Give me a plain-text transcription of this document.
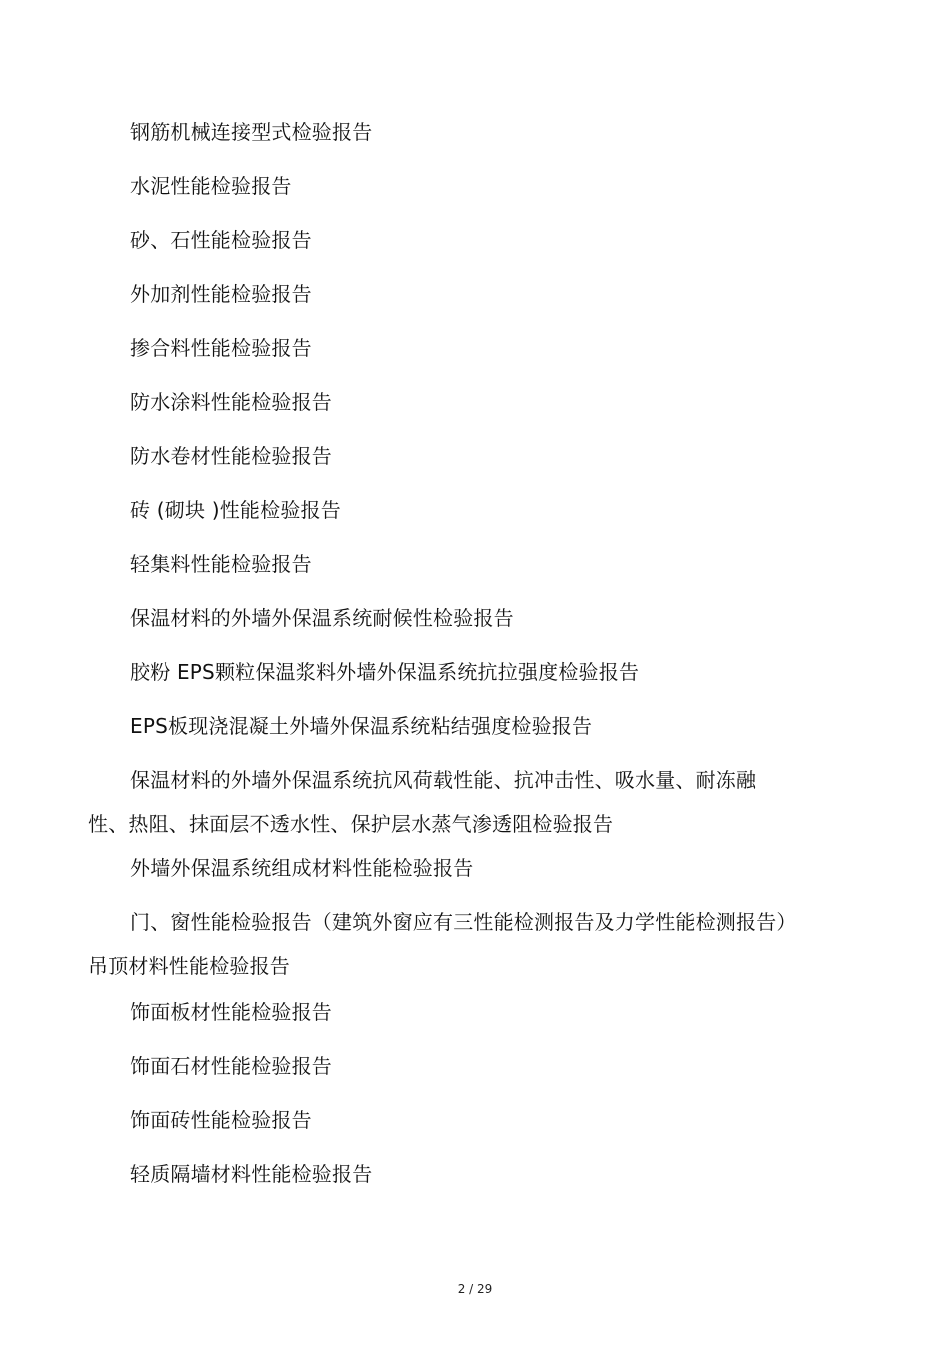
钢筋机械连接型式检验报告
水泥性能检验报告
砂、石性能检验报告
外加剂性能检验报告
掺合料性能检验报告
防水涂料性能检验报告
防水卷材性能检验报告
砖 (砌块 )性能检验报告
轻集料性能检验报告
保温材料的外墙外保温系统耐候性检验报告
胶粉 EPS颗粒保温浆料外墙外保温系统抗拉强度检验报告
EPS板现浇混凝土外墙外保温系统粘结强度检验报告

保温材料的外墙外保温系统抗风荷载性能、抗冲击性、吸水量、耐冻融性、热阻、抹面层不透水性、保护层水蒸气渗透阻检验报告

外墙外保温系统组成材料性能检验报告

门、窗性能检验报告（建筑外窗应有三性能检测报告及力学性能检测报告）吊顶材料性能检验报告

饰面板材性能检验报告
饰面石材性能检验报告
饰面砖性能检验报告
轻质隔墙材料性能检验报告
2 / 29
